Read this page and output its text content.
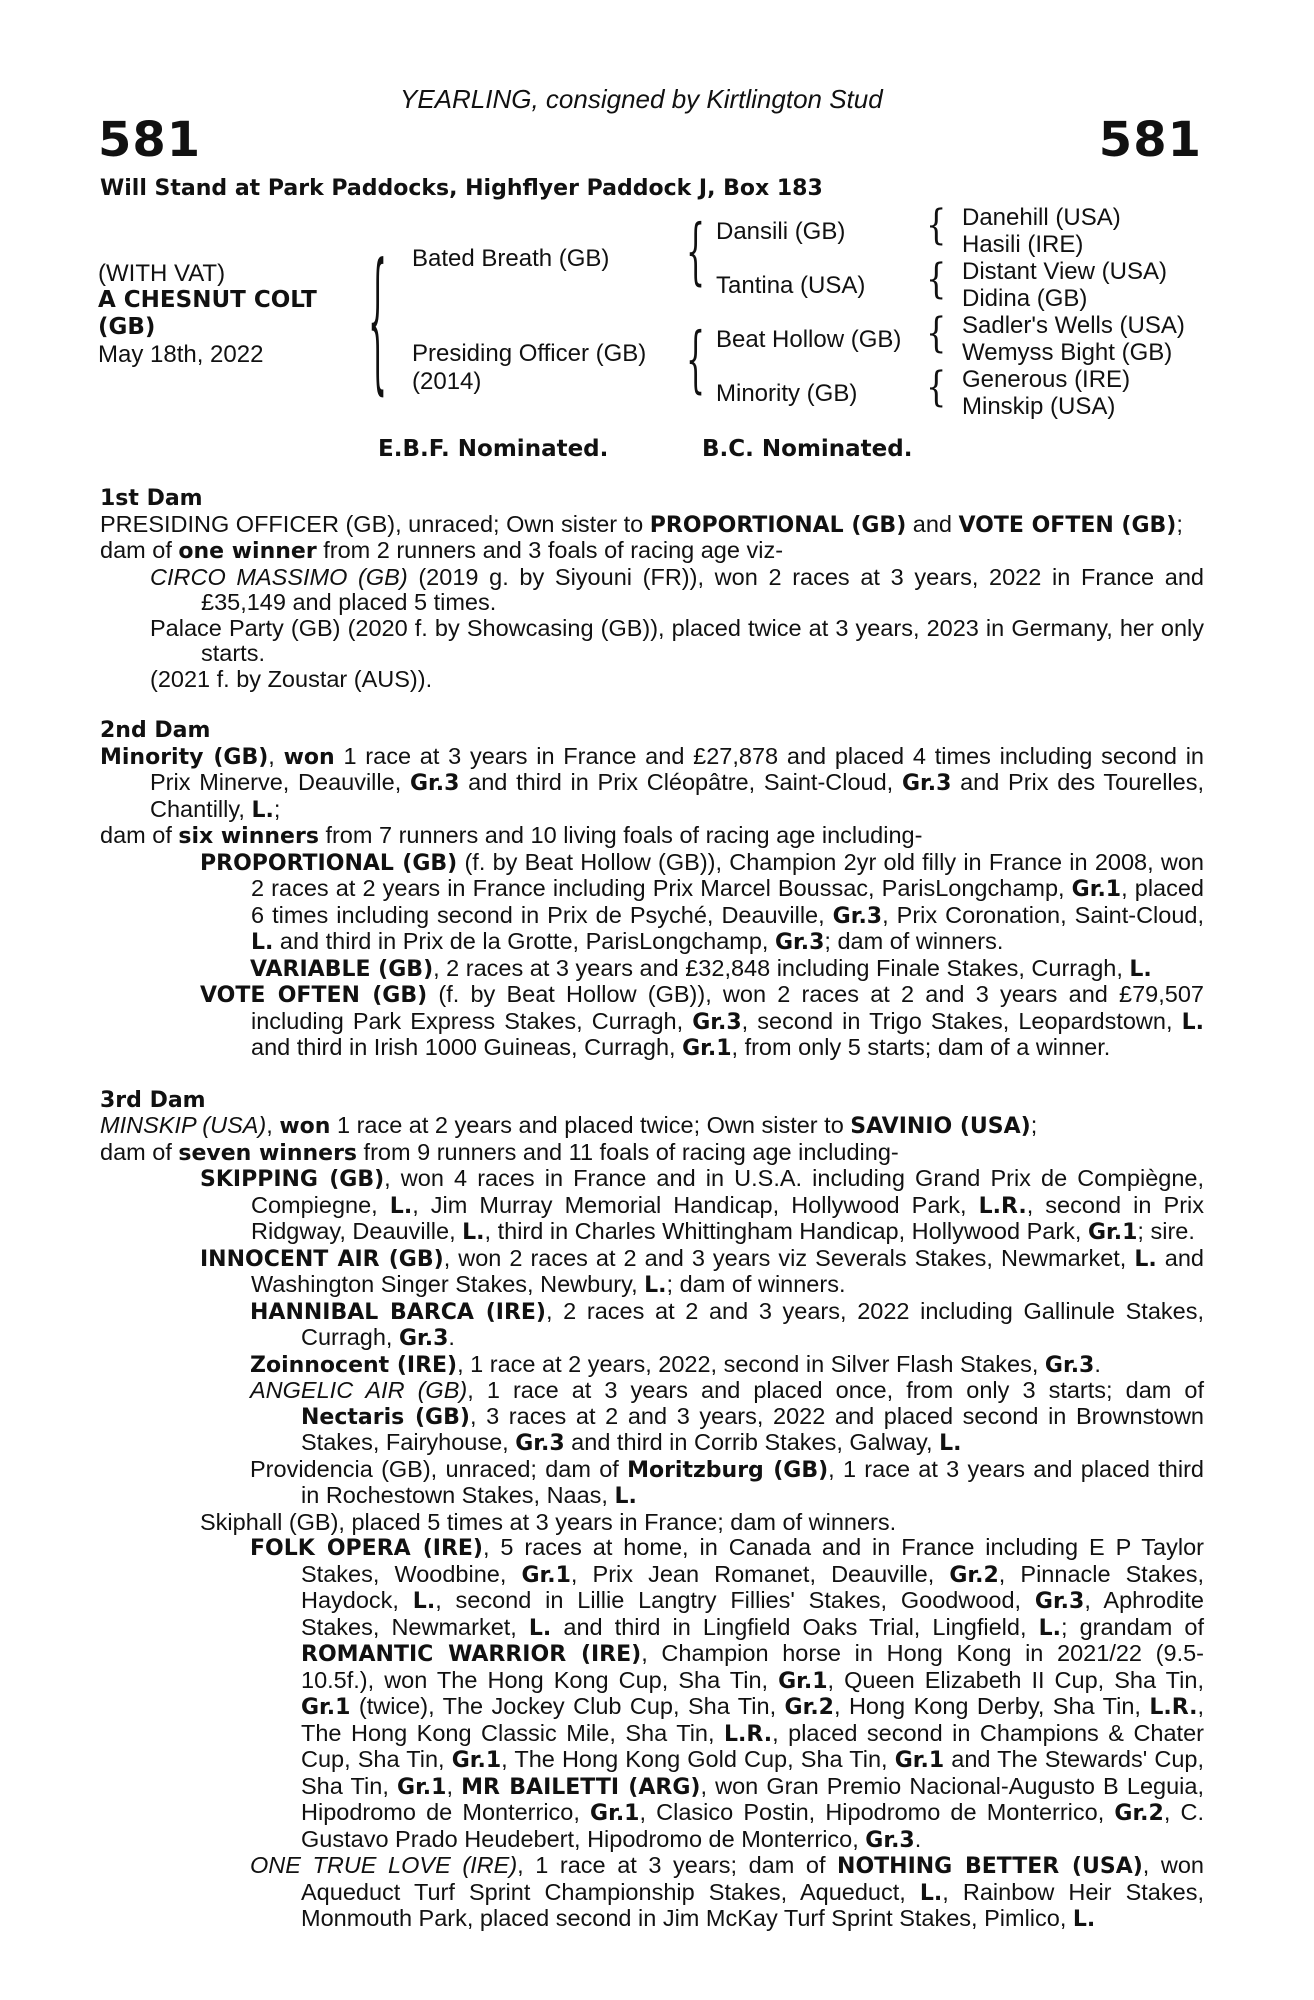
581
YEARLING, consigned by Kirtlington Stud
581
Will Stand at Park Paddocks, Highflyer Paddock J, Box 183
(WITH VAT)
A CHESNUT COLT
(GB)
May 18th, 2022	{ Bated Breath (GB)
Presiding Officer (GB)
(2014)
{ Dansili (GB)
Tantina (USA)
{ Beat Hollow (GB)
Minority (GB)
{ Danehill (USA)
Hasili (IRE)
{ Distant View (USA)
Didina (GB)
{ Sadler's Wells (USA)
Wemyss Bight (GB)
{ Generous (IRE)
Minskip (USA)
E.B.F. Nominated.	B.C. Nominated.
1st Dam

PRESIDING OFFICER (GB), unraced; Own sister to PROPORTIONAL (GB) and VOTE OFTEN (GB);

dam of one winner from 2 runners and 3 foals of racing age viz-

CIRCO MASSIMO (GB) (2019 g. by Siyouni (FR)), won 2 races at 3 years, 2022 in France and £35,149 and placed 5 times.

Palace Party (GB) (2020 f. by Showcasing (GB)), placed twice at 3 years, 2023 in Germany, her only starts.

(2021 f. by Zoustar (AUS)).

2nd Dam

Minority (GB), won 1 race at 3 years in France and £27,878 and placed 4 times including second in Prix Minerve, Deauville, Gr.3 and third in Prix Cléopâtre, Saint-Cloud, Gr.3 and Prix des Tourelles, Chantilly, L.;

dam of six winners from 7 runners and 10 living foals of racing age including-

PROPORTIONAL (GB) (f. by Beat Hollow (GB)), Champion 2yr old filly in France in 2008, won 2 races at 2 years in France including Prix Marcel Boussac, ParisLongchamp, Gr.1, placed 6 times including second in Prix de Psyché, Deauville, Gr.3, Prix Coronation, Saint-Cloud, L. and third in Prix de la Grotte, ParisLongchamp, Gr.3; dam of winners.

VARIABLE (GB), 2 races at 3 years and £32,848 including Finale Stakes, Curragh, L.

VOTE OFTEN (GB) (f. by Beat Hollow (GB)), won 2 races at 2 and 3 years and £79,507 including Park Express Stakes, Curragh, Gr.3, second in Trigo Stakes, Leopardstown, L. and third in Irish 1000 Guineas, Curragh, Gr.1, from only 5 starts; dam of a winner.

3rd Dam

MINSKIP (USA), won 1 race at 2 years and placed twice; Own sister to SAVINIO (USA);

dam of seven winners from 9 runners and 11 foals of racing age including-

SKIPPING (GB), won 4 races in France and in U.S.A. including Grand Prix de Compiègne, Compiegne, L., Jim Murray Memorial Handicap, Hollywood Park, L.R., second in Prix Ridgway, Deauville, L., third in Charles Whittingham Handicap, Hollywood Park, Gr.1; sire.

INNOCENT AIR (GB), won 2 races at 2 and 3 years viz Severals Stakes, Newmarket, L. and Washington Singer Stakes, Newbury, L.; dam of winners.

HANNIBAL BARCA (IRE), 2 races at 2 and 3 years, 2022 including Gallinule Stakes, Curragh, Gr.3.

Zoinnocent (IRE), 1 race at 2 years, 2022, second in Silver Flash Stakes, Gr.3.

ANGELIC AIR (GB), 1 race at 3 years and placed once, from only 3 starts; dam of Nectaris (GB), 3 races at 2 and 3 years, 2022 and placed second in Brownstown Stakes, Fairyhouse, Gr.3 and third in Corrib Stakes, Galway, L.

Providencia (GB), unraced; dam of Moritzburg (GB), 1 race at 3 years and placed third in Rochestown Stakes, Naas, L.

Skiphall (GB), placed 5 times at 3 years in France; dam of winners.

FOLK OPERA (IRE), 5 races at home, in Canada and in France including E P Taylor Stakes, Woodbine, Gr.1, Prix Jean Romanet, Deauville, Gr.2, Pinnacle Stakes, Haydock, L., second in Lillie Langtry Fillies' Stakes, Goodwood, Gr.3, Aphrodite Stakes, Newmarket, L. and third in Lingfield Oaks Trial, Lingfield, L.; grandam of ROMANTIC WARRIOR (IRE), Champion horse in Hong Kong in 2021/22 (9.5-10.5f.), won The Hong Kong Cup, Sha Tin, Gr.1, Queen Elizabeth II Cup, Sha Tin, Gr.1 (twice), The Jockey Club Cup, Sha Tin, Gr.2, Hong Kong Derby, Sha Tin, L.R., The Hong Kong Classic Mile, Sha Tin, L.R., placed second in Champions & Chater Cup, Sha Tin, Gr.1, The Hong Kong Gold Cup, Sha Tin, Gr.1 and The Stewards' Cup, Sha Tin, Gr.1, MR BAILETTI (ARG), won Gran Premio Nacional-Augusto B Leguia, Hipodromo de Monterrico, Gr.1, Clasico Postin, Hipodromo de Monterrico, Gr.2, C. Gustavo Prado Heudebert, Hipodromo de Monterrico, Gr.3.

ONE TRUE LOVE (IRE), 1 race at 3 years; dam of NOTHING BETTER (USA), won Aqueduct Turf Sprint Championship Stakes, Aqueduct, L., Rainbow Heir Stakes, Monmouth Park, placed second in Jim McKay Turf Sprint Stakes, Pimlico, L.
